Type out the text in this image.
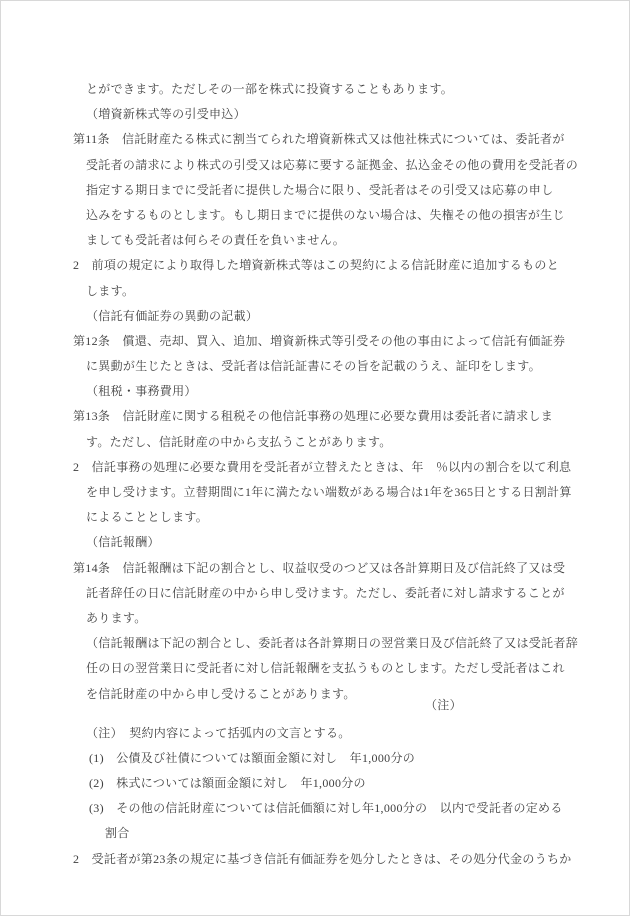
とができます。ただしその一部を株式に投資することもあります。
（増資新株式等の引受申込）
第11条　信託財産たる株式に割当てられた増資新株式又は他社株式については、委託者が
受託者の請求により株式の引受又は応募に要する証拠金、払込金その他の費用を受託者の
指定する期日までに受託者に提供した場合に限り、受託者はその引受又は応募の申し
込みをするものとします。もし期日までに提供のない場合は、失権その他の損害が生じ
ましても受託者は何らその責任を負いません。
2　前項の規定により取得した増資新株式等はこの契約による信託財産に追加するものと
します。
（信託有価証券の異動の記載）
第12条　償還、売却、買入、追加、増資新株式等引受その他の事由によって信託有価証券
に異動が生じたときは、受託者は信託証書にその旨を記載のうえ、証印をします。
（租税・事務費用）
第13条　信託財産に関する租税その他信託事務の処理に必要な費用は委託者に請求しま
す。ただし、信託財産の中から支払うことがあります。
2　信託事務の処理に必要な費用を受託者が立替えたときは、年　％以内の割合を以て利息
を申し受けます。立替期間に1年に満たない端数がある場合は1年を365日とする日割計算
によることとします。
（信託報酬）
第14条　信託報酬は下記の割合とし、収益収受のつど又は各計算期日及び信託終了又は受
託者辞任の日に信託財産の中から申し受けます。ただし、委託者に対し請求することが
あります。
（信託報酬は下記の割合とし、委託者は各計算期日の翌営業日及び信託終了又は受託者辞
任の日の翌営業日に受託者に対し信託報酬を支払うものとします。ただし受託者はこれ
を信託財産の中から申し受けることがあります。
（注）
（注）　契約内容によって括弧内の文言とする。
(1)　公債及び社債については額面金額に対し　年1,000分の
(2)　株式については額面金額に対し　年1,000分の
(3)　その他の信託財産については信託価額に対し年1,000分の　以内で受託者の定める
割合
2　受託者が第23条の規定に基づき信託有価証券を処分したときは、その処分代金のうちか
